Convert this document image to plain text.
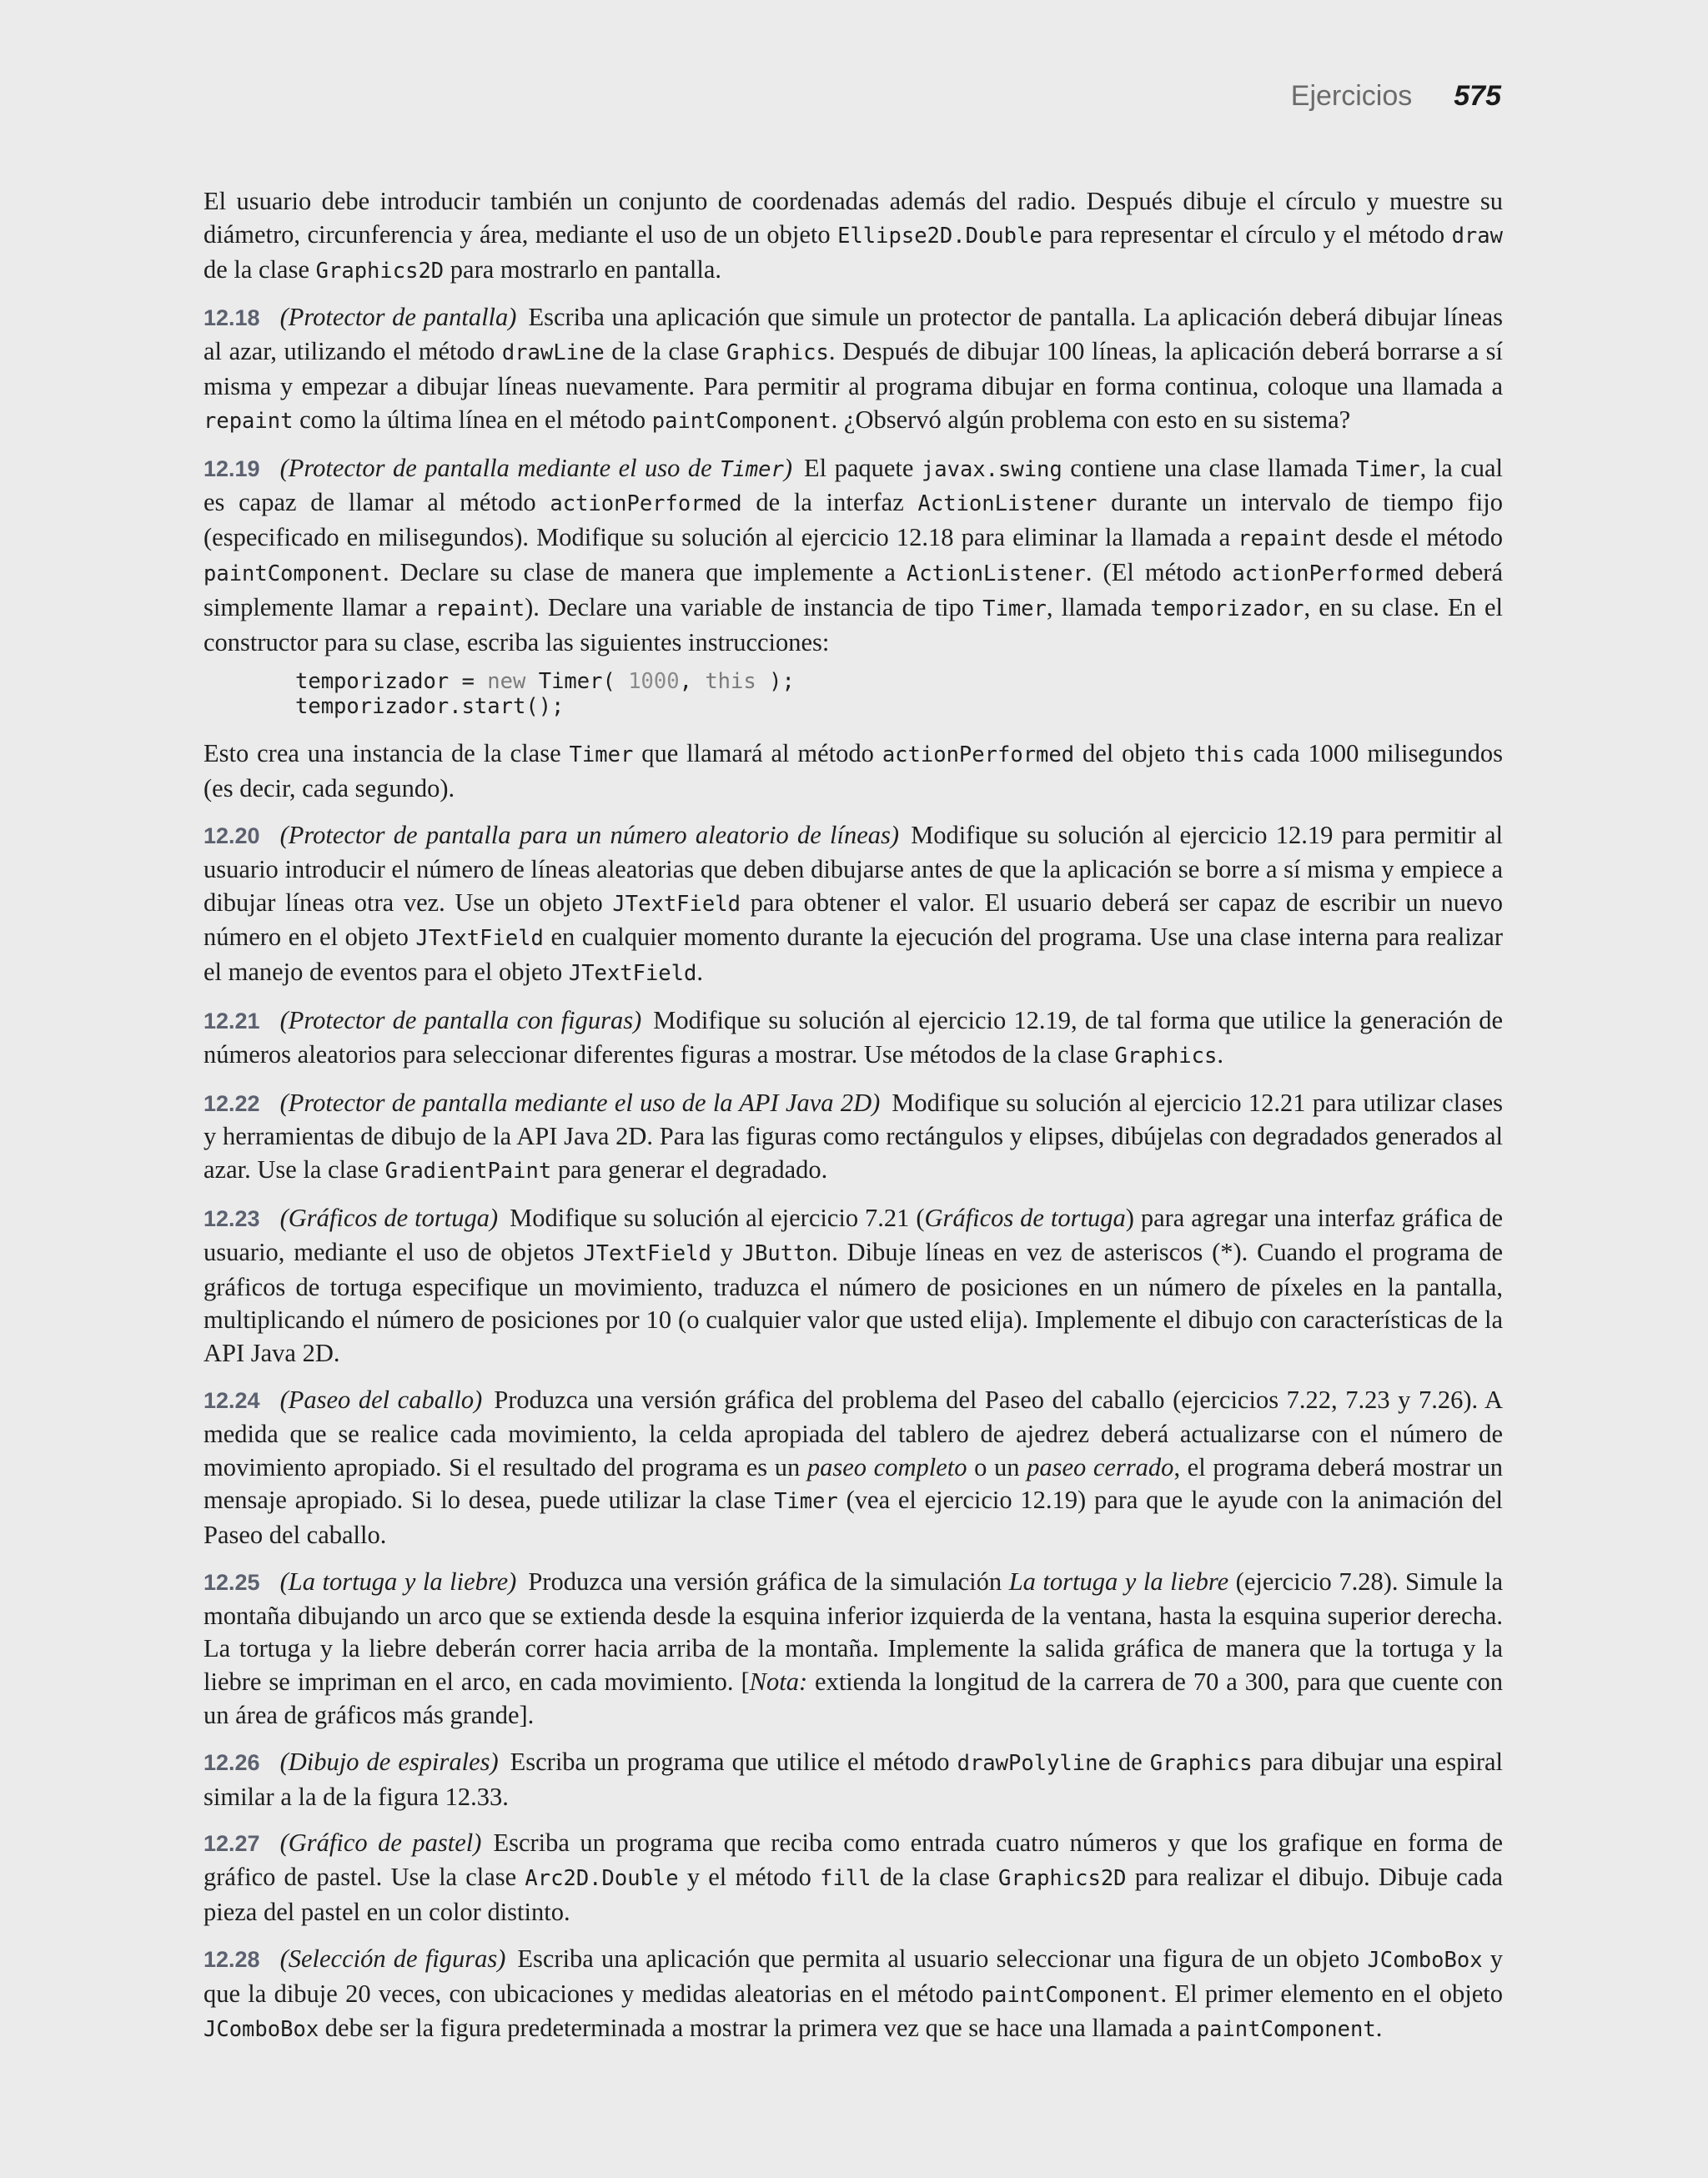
Ejercicios 575

El usuario debe introducir también un conjunto de coordenadas además del radio. Después dibuje el círculo y muestre su diámetro, circunferencia y área, mediante el uso de un objeto Ellipse2D.Double para representar el círculo y el método draw de la clase Graphics2D para mostrarlo en pantalla.

12.18 (Protector de pantalla) Escriba una aplicación que simule un protector de pantalla. La aplicación deberá dibujar líneas al azar, utilizando el método drawLine de la clase Graphics. Después de dibujar 100 líneas, la aplicación deberá borrarse a sí misma y empezar a dibujar líneas nuevamente. Para permitir al programa dibujar en forma continua, coloque una llamada a repaint como la última línea en el método paintComponent. ¿Observó algún problema con esto en su sistema?

12.19 (Protector de pantalla mediante el uso de Timer) El paquete javax.swing contiene una clase llamada Timer, la cual es capaz de llamar al método actionPerformed de la interfaz ActionListener durante un intervalo de tiempo fijo (especificado en milisegundos). Modifique su solución al ejercicio 12.18 para eliminar la llamada a repaint desde el método paintComponent. Declare su clase de manera que implemente a ActionListener. (El método actionPerformed deberá simplemente llamar a repaint). Declare una variable de instancia de tipo Timer, llamada temporizador, en su clase. En el constructor para su clase, escriba las siguientes instrucciones:

temporizador = new Timer( 1000, this );
temporizador.start();

Esto crea una instancia de la clase Timer que llamará al método actionPerformed del objeto this cada 1000 milisegundos (es decir, cada segundo).

12.20 (Protector de pantalla para un número aleatorio de líneas) Modifique su solución al ejercicio 12.19 para permitir al usuario introducir el número de líneas aleatorias que deben dibujarse antes de que la aplicación se borre a sí misma y empiece a dibujar líneas otra vez. Use un objeto JTextField para obtener el valor. El usuario deberá ser capaz de escribir un nuevo número en el objeto JTextField en cualquier momento durante la ejecución del programa. Use una clase interna para realizar el manejo de eventos para el objeto JTextField.

12.21 (Protector de pantalla con figuras) Modifique su solución al ejercicio 12.19, de tal forma que utilice la generación de números aleatorios para seleccionar diferentes figuras a mostrar. Use métodos de la clase Graphics.

12.22 (Protector de pantalla mediante el uso de la API Java 2D) Modifique su solución al ejercicio 12.21 para utilizar clases y herramientas de dibujo de la API Java 2D. Para las figuras como rectángulos y elipses, dibújelas con degradados generados al azar. Use la clase GradientPaint para generar el degradado.

12.23 (Gráficos de tortuga) Modifique su solución al ejercicio 7.21 (Gráficos de tortuga) para agregar una interfaz gráfica de usuario, mediante el uso de objetos JTextField y JButton. Dibuje líneas en vez de asteriscos (*). Cuando el programa de gráficos de tortuga especifique un movimiento, traduzca el número de posiciones en un número de píxeles en la pantalla, multiplicando el número de posiciones por 10 (o cualquier valor que usted elija). Implemente el dibujo con características de la API Java 2D.

12.24 (Paseo del caballo) Produzca una versión gráfica del problema del Paseo del caballo (ejercicios 7.22, 7.23 y 7.26). A medida que se realice cada movimiento, la celda apropiada del tablero de ajedrez deberá actualizarse con el número de movimiento apropiado. Si el resultado del programa es un paseo completo o un paseo cerrado, el programa deberá mostrar un mensaje apropiado. Si lo desea, puede utilizar la clase Timer (vea el ejercicio 12.19) para que le ayude con la animación del Paseo del caballo.

12.25 (La tortuga y la liebre) Produzca una versión gráfica de la simulación La tortuga y la liebre (ejercicio 7.28). Simule la montaña dibujando un arco que se extienda desde la esquina inferior izquierda de la ventana, hasta la esquina superior derecha. La tortuga y la liebre deberán correr hacia arriba de la montaña. Implemente la salida gráfica de manera que la tortuga y la liebre se impriman en el arco, en cada movimiento. [Nota: extienda la longitud de la carrera de 70 a 300, para que cuente con un área de gráficos más grande].

12.26 (Dibujo de espirales) Escriba un programa que utilice el método drawPolyline de Graphics para dibujar una espiral similar a la de la figura 12.33.

12.27 (Gráfico de pastel) Escriba un programa que reciba como entrada cuatro números y que los grafique en forma de gráfico de pastel. Use la clase Arc2D.Double y el método fill de la clase Graphics2D para realizar el dibujo. Dibuje cada pieza del pastel en un color distinto.

12.28 (Selección de figuras) Escriba una aplicación que permita al usuario seleccionar una figura de un objeto JComboBox y que la dibuje 20 veces, con ubicaciones y medidas aleatorias en el método paintComponent. El primer elemento en el objeto JComboBox debe ser la figura predeterminada a mostrar la primera vez que se hace una llamada a paintComponent.
